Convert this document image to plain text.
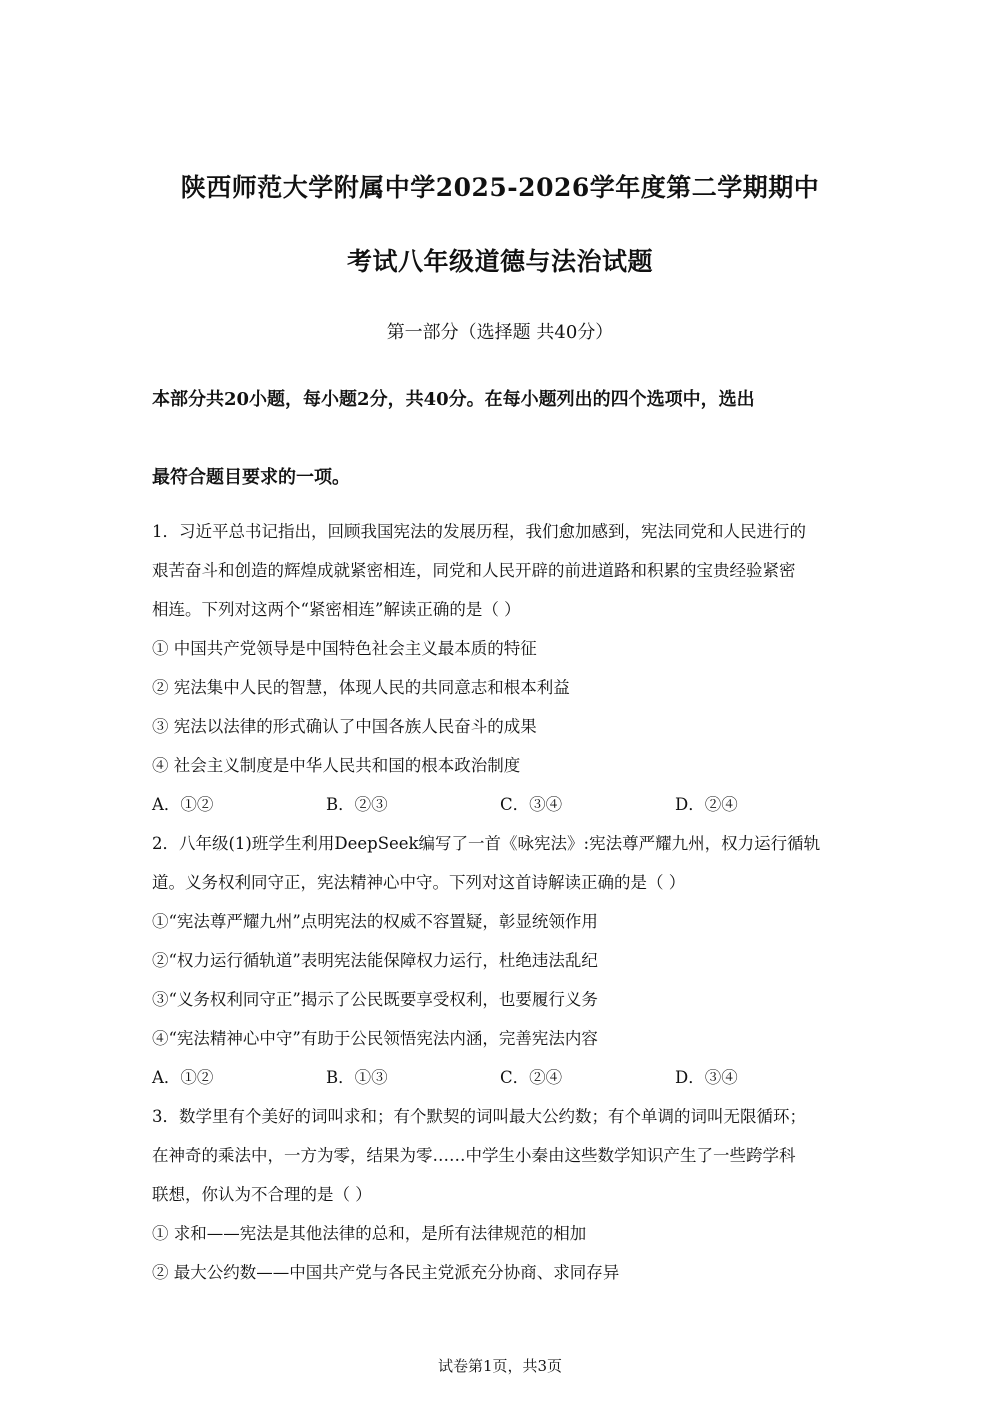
陕西师范大学附属中学2025-2026学年度第二学期期中
考试八年级道德与法治试题
第一部分（选择题 共40分）
本部分共20小题，每小题2分，共40分。在每小题列出的四个选项中，选出
最符合题目要求的一项。
1．习近平总书记指出，回顾我国宪法的发展历程，我们愈加感到，宪法同党和人民进行的
艰苦奋斗和创造的辉煌成就紧密相连，同党和人民开辟的前进道路和积累的宝贵经验紧密
相连。下列对这两个“紧密相连”解读正确的是（ ）
① 中国共产党领导是中国特色社会主义最本质的特征
② 宪法集中人民的智慧，体现人民的共同意志和根本利益
③ 宪法以法律的形式确认了中国各族人民奋斗的成果
④ 社会主义制度是中华人民共和国的根本政治制度
A．①②	B．②③	C．③④	D．②④
2．八年级(1)班学生利用DeepSeek编写了一首《咏宪法》:宪法尊严耀九州，权力运行循轨
道。义务权利同守正，宪法精神心中守。下列对这首诗解读正确的是（ ）
①“宪法尊严耀九州”点明宪法的权威不容置疑，彰显统领作用
②“权力运行循轨道”表明宪法能保障权力运行，杜绝违法乱纪
③“义务权利同守正”揭示了公民既要享受权利，也要履行义务
④“宪法精神心中守”有助于公民领悟宪法内涵，完善宪法内容
A．①②	B．①③	C．②④	D．③④
3．数学里有个美好的词叫求和；有个默契的词叫最大公约数；有个单调的词叫无限循环；
在神奇的乘法中，一方为零，结果为零……中学生小秦由这些数学知识产生了一些跨学科
联想，你认为不合理的是（ ）
① 求和——宪法是其他法律的总和，是所有法律规范的相加
② 最大公约数——中国共产党与各民主党派充分协商、求同存异
试卷第1页，共3页
